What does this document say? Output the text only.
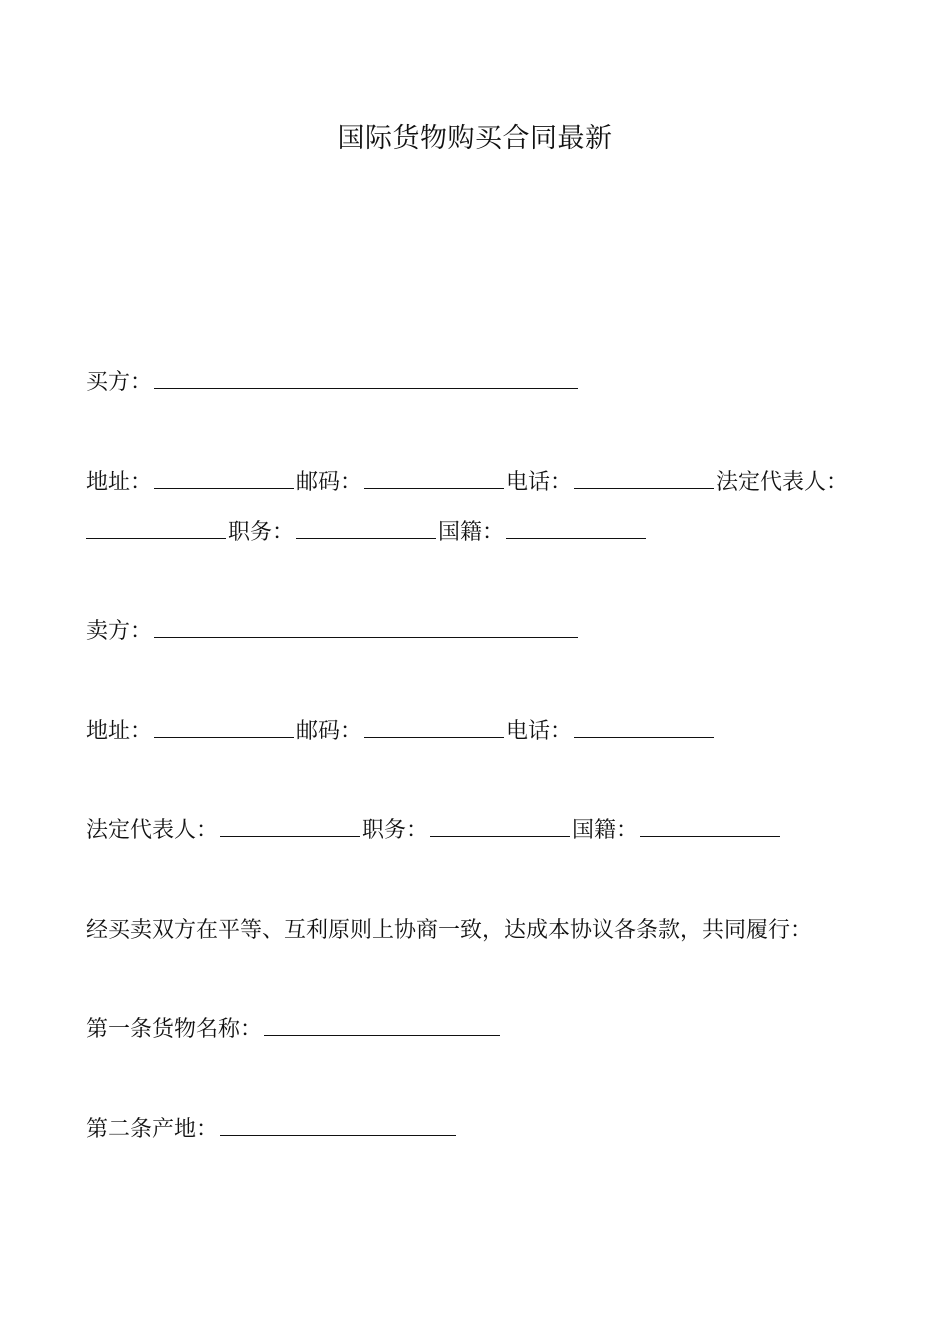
国际货物购买合同最新
买方：
地址：	邮码：	电话：	法定代表人：
职务：	国籍：
卖方：
地址：	邮码：	电话：
法定代表人：	职务：	国籍：
经买卖双方在平等、互利原则上协商一致，达成本协议各条款，共同履行：
第一条货物名称：
第二条产地：
